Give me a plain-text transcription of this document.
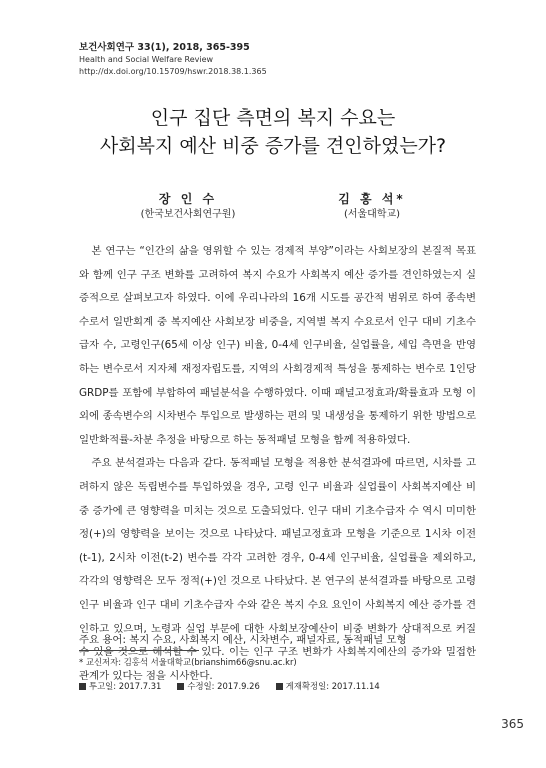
보건사회연구 33(1), 2018, 365-395
Health and Social Welfare Review
http://dx.doi.org/10.15709/hswr.2018.38.1.365
인구 집단 측면의 복지 수요는
사회복지 예산 비중 증가를 견인하였는가?
장 인 수
(한국보건사회연구원)
김 홍 석*
(서울대학교)

본 연구는 “인간의 삶을 영위할 수 있는 경제적 부양”이라는 사회보장의 본질적 목표와 함께 인구 구조 변화를 고려하여 복지 수요가 사회복지 예산 증가를 견인하였는지 실증적으로 살펴보고자 하였다. 이에 우리나라의 16개 시도를 공간적 범위로 하여 종속변수로서 일반회계 중 복지예산 사회보장 비중을, 지역별 복지 수요로서 인구 대비 기초수급자 수, 고령인구(65세 이상 인구) 비율, 0-4세 인구비율, 실업률을, 세입 측면을 반영하는 변수로서 지자체 재정자립도를, 지역의 사회경제적 특성을 통제하는 변수로 1인당 GRDP를 포함에 부합하여 패널분석을 수행하였다. 이때 패널고정효과/확률효과 모형 이외에 종속변수의 시차변수 투입으로 발생하는 편의 및 내생성을 통제하기 위한 방법으로 일반화적률-차분 추정을 바탕으로 하는 동적패널 모형을 함께 적용하였다.

주요 분석결과는 다음과 같다. 동적패널 모형을 적용한 분석결과에 따르면, 시차를 고려하지 않은 독립변수를 투입하였을 경우, 고령 인구 비율과 실업률이 사회복지예산 비중 증가에 큰 영향력을 미치는 것으로 도출되었다. 인구 대비 기초수급자 수 역시 미미한 정(+)의 영향력을 보이는 것으로 나타났다. 패널고정효과 모형을 기준으로 1시차 이전(t-1), 2시차 이전(t-2) 변수를 각각 고려한 경우, 0-4세 인구비율, 실업률을 제외하고, 각각의 영향력은 모두 정적(+)인 것으로 나타났다. 본 연구의 분석결과를 바탕으로 고령 인구 비율과 인구 대비 기초수급자 수와 같은 복지 수요 요인이 사회복지 예산 증가를 견인하고 있으며, 노령과 실업 부문에 대한 사회보장예산이 비중 변화가 상대적으로 커질 수 있을 것으로 해석할 수 있다. 이는 인구 구조 변화가 사회복지예산의 증가와 밀접한 관계가 있다는 점을 시사한다.

주요 용어: 복지 수요, 사회복지 예산, 시차변수, 패널자료, 동적패널 모형
* 교신저자: 김홍석 서울대학교(brianshim66@snu.ac.kr)
투고일: 2017.7.31	수정일: 2017.9.26	게재확정일: 2017.11.14
365
